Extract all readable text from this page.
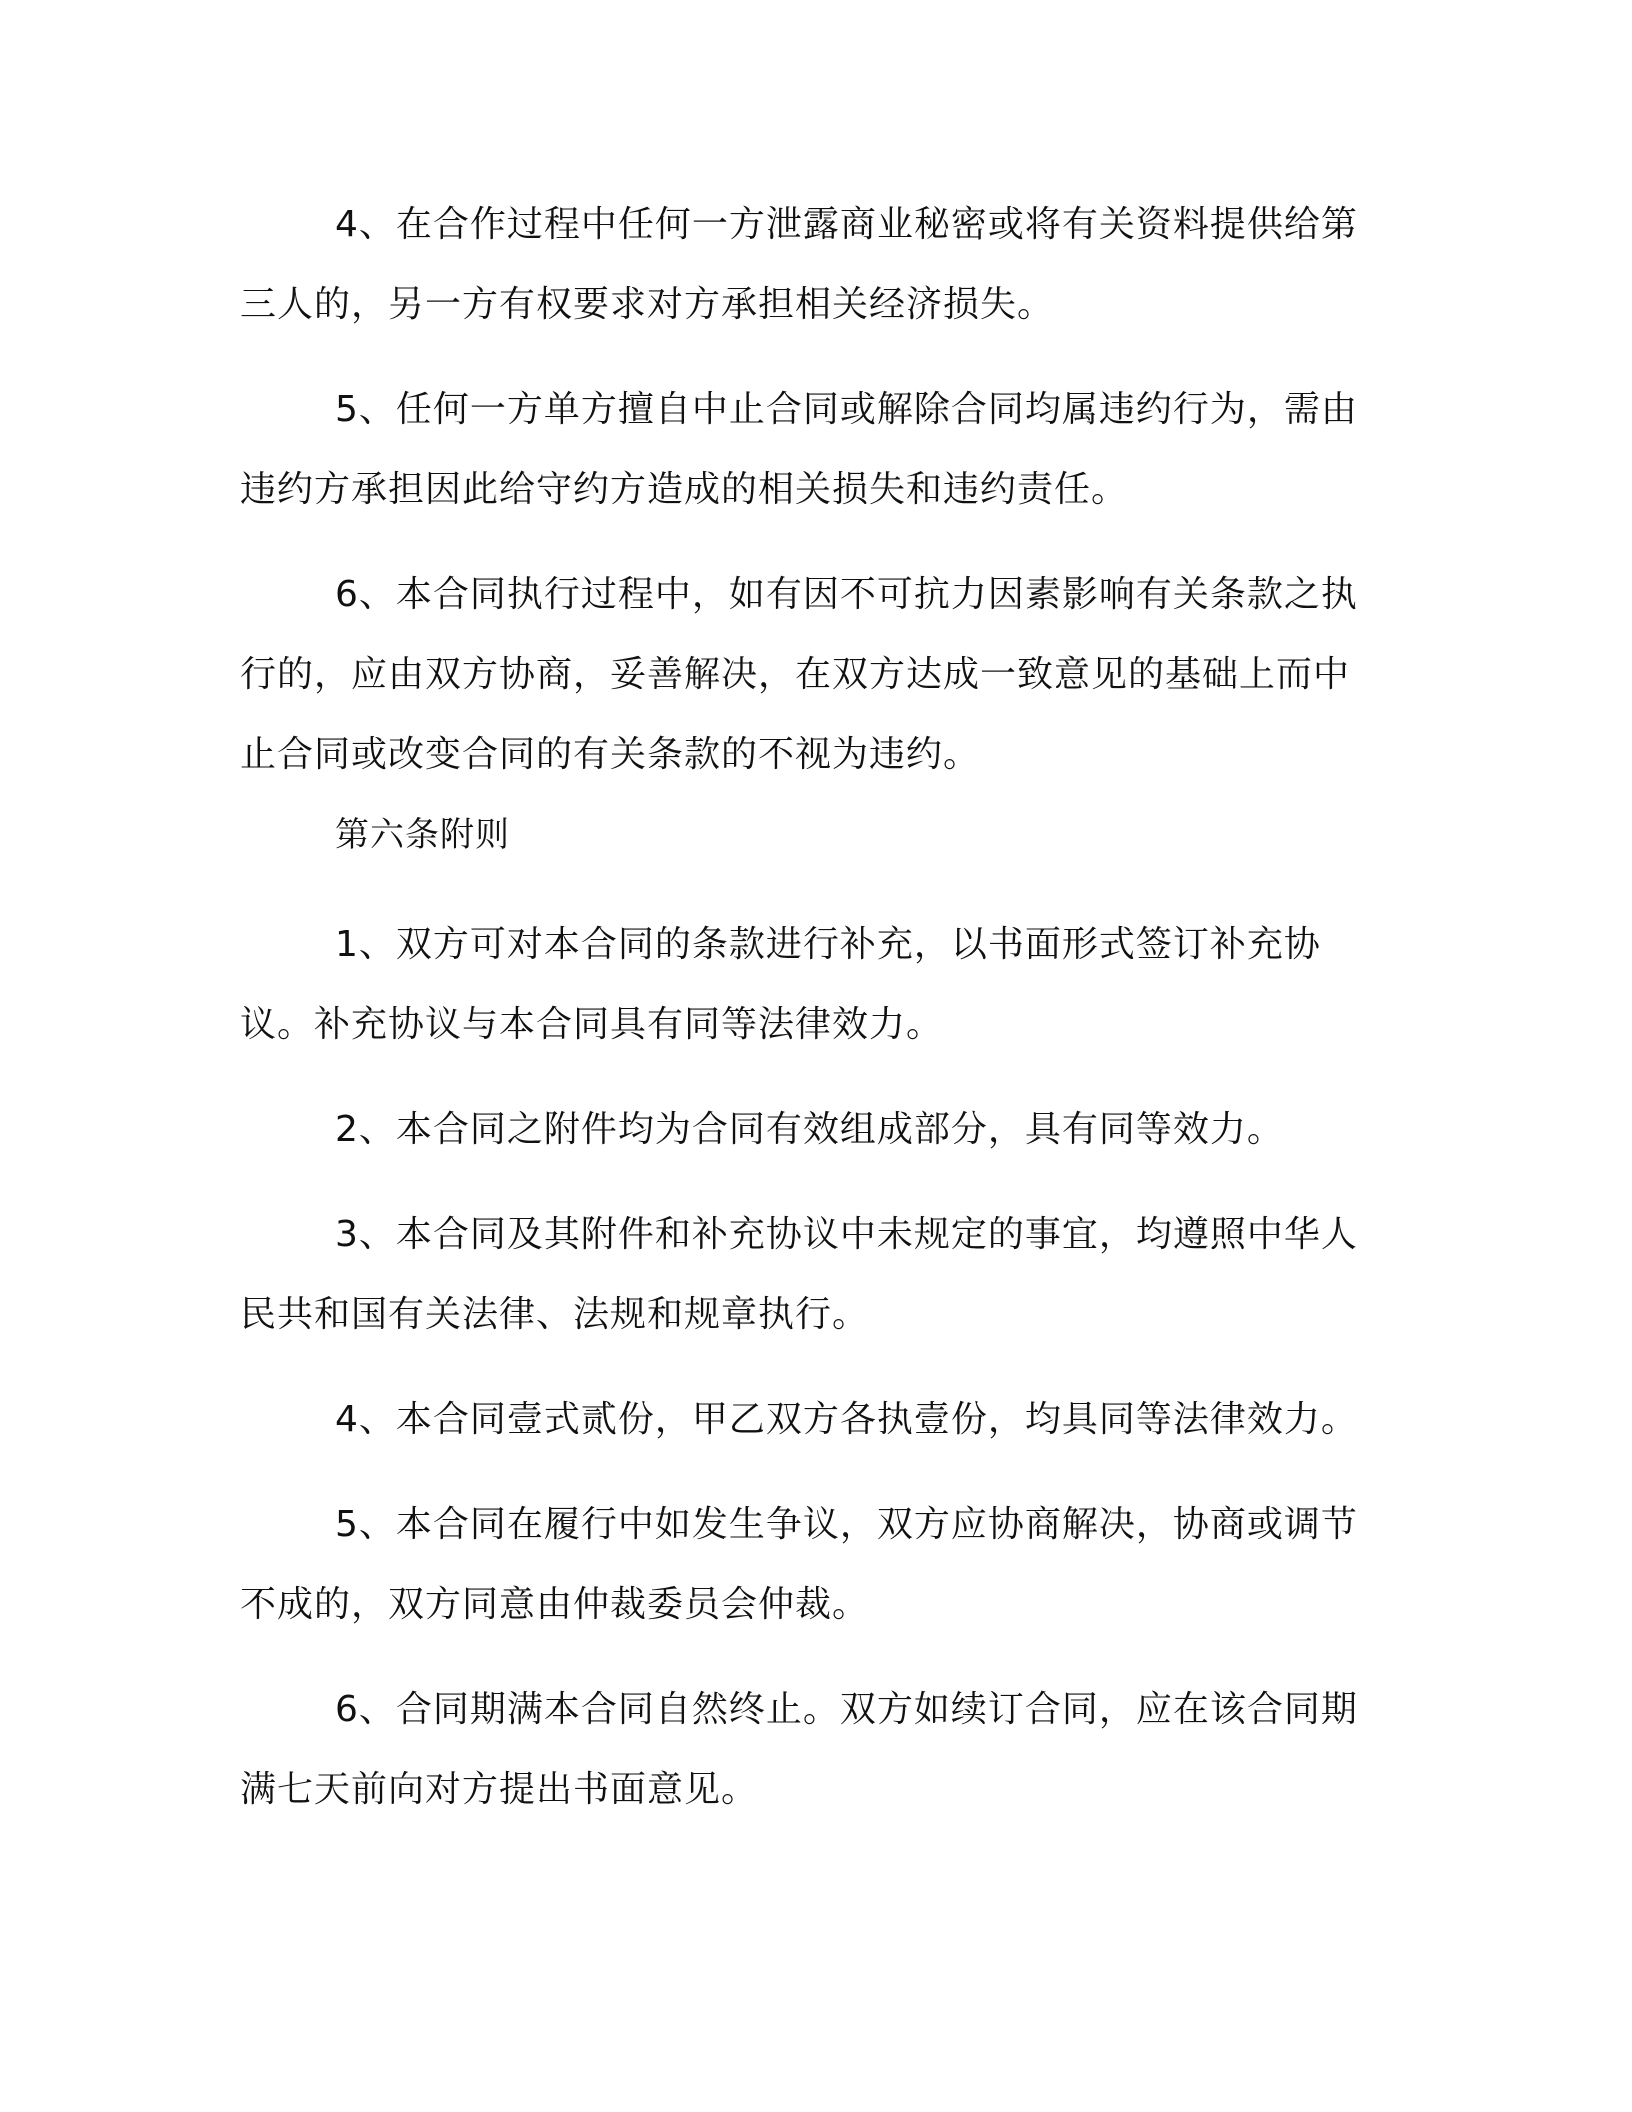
4、在合作过程中任何一方泄露商业秘密或将有关资料提供给第三人的，另一方有权要求对方承担相关经济损失。

5、任何一方单方擅自中止合同或解除合同均属违约行为，需由违约方承担因此给守约方造成的相关损失和违约责任。

6、本合同执行过程中，如有因不可抗力因素影响有关条款之执行的，应由双方协商，妥善解决，在双方达成一致意见的基础上而中止合同或改变合同的有关条款的不视为违约。

第六条附则

1、双方可对本合同的条款进行补充，以书面形式签订补充协议。补充协议与本合同具有同等法律效力。

2、本合同之附件均为合同有效组成部分，具有同等效力。

3、本合同及其附件和补充协议中未规定的事宜，均遵照中华人民共和国有关法律、法规和规章执行。

4、本合同壹式贰份，甲乙双方各执壹份，均具同等法律效力。

5、本合同在履行中如发生争议，双方应协商解决，协商或调节不成的，双方同意由仲裁委员会仲裁。

6、合同期满本合同自然终止。双方如续订合同，应在该合同期满七天前向对方提出书面意见。
